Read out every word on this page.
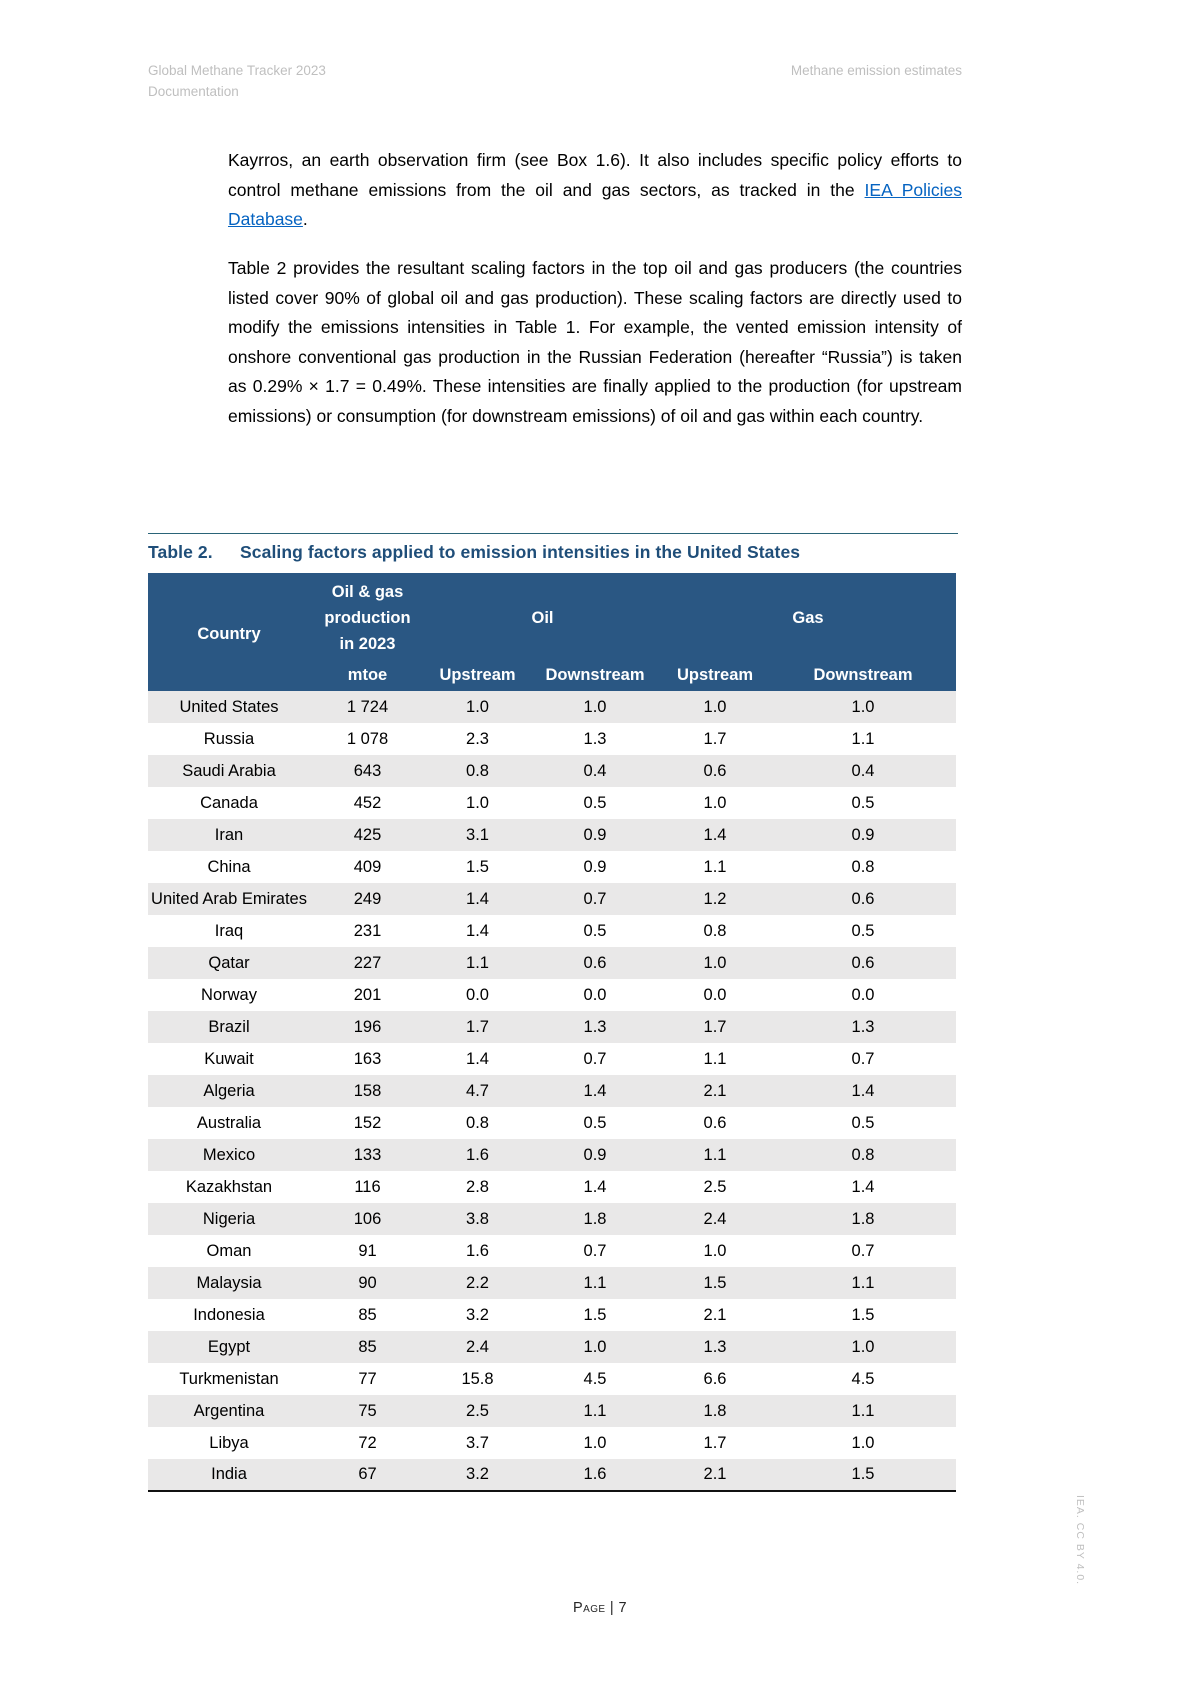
Global Methane Tracker 2023
Documentation
Methane emission estimates

Kayrros, an earth observation firm (see Box 1.6). It also includes specific policy efforts to control methane emissions from the oil and gas sectors, as tracked in the IEA Policies Database.

Table 2 provides the resultant scaling factors in the top oil and gas producers (the countries listed cover 90% of global oil and gas production). These scaling factors are directly used to modify the emissions intensities in Table 1. For example, the vented emission intensity of onshore conventional gas production in the Russian Federation (hereafter “Russia”) is taken as 0.29% × 1.7 = 0.49%. These intensities are finally applied to the production (for upstream emissions) or consumption (for downstream emissions) of oil and gas within each country.

Table 2.	Scaling factors applied to emission intensities in the United States
Country	Oil & gas production in 2023	Oil		Gas	
	mtoe	Upstream	Downstream	Upstream	Downstream
United States	1 724	1.0	1.0	1.0	1.0
Russia	1 078	2.3	1.3	1.7	1.1
Saudi Arabia	643	0.8	0.4	0.6	0.4
Canada	452	1.0	0.5	1.0	0.5
Iran	425	3.1	0.9	1.4	0.9
China	409	1.5	0.9	1.1	0.8
United Arab Emirates	249	1.4	0.7	1.2	0.6
Iraq	231	1.4	0.5	0.8	0.5
Qatar	227	1.1	0.6	1.0	0.6
Norway	201	0.0	0.0	0.0	0.0
Brazil	196	1.7	1.3	1.7	1.3
Kuwait	163	1.4	0.7	1.1	0.7
Algeria	158	4.7	1.4	2.1	1.4
Australia	152	0.8	0.5	0.6	0.5
Mexico	133	1.6	0.9	1.1	0.8
Kazakhstan	116	2.8	1.4	2.5	1.4
Nigeria	106	3.8	1.8	2.4	1.8
Oman	91	1.6	0.7	1.0	0.7
Malaysia	90	2.2	1.1	1.5	1.1
Indonesia	85	3.2	1.5	2.1	1.5
Egypt	85	2.4	1.0	1.3	1.0
Turkmenistan	77	15.8	4.5	6.6	4.5
Argentina	75	2.5	1.1	1.8	1.1
Libya	72	3.7	1.0	1.7	1.0
India	67	3.2	1.6	2.1	1.5
Page | 7
IEA. CC BY 4.0.
